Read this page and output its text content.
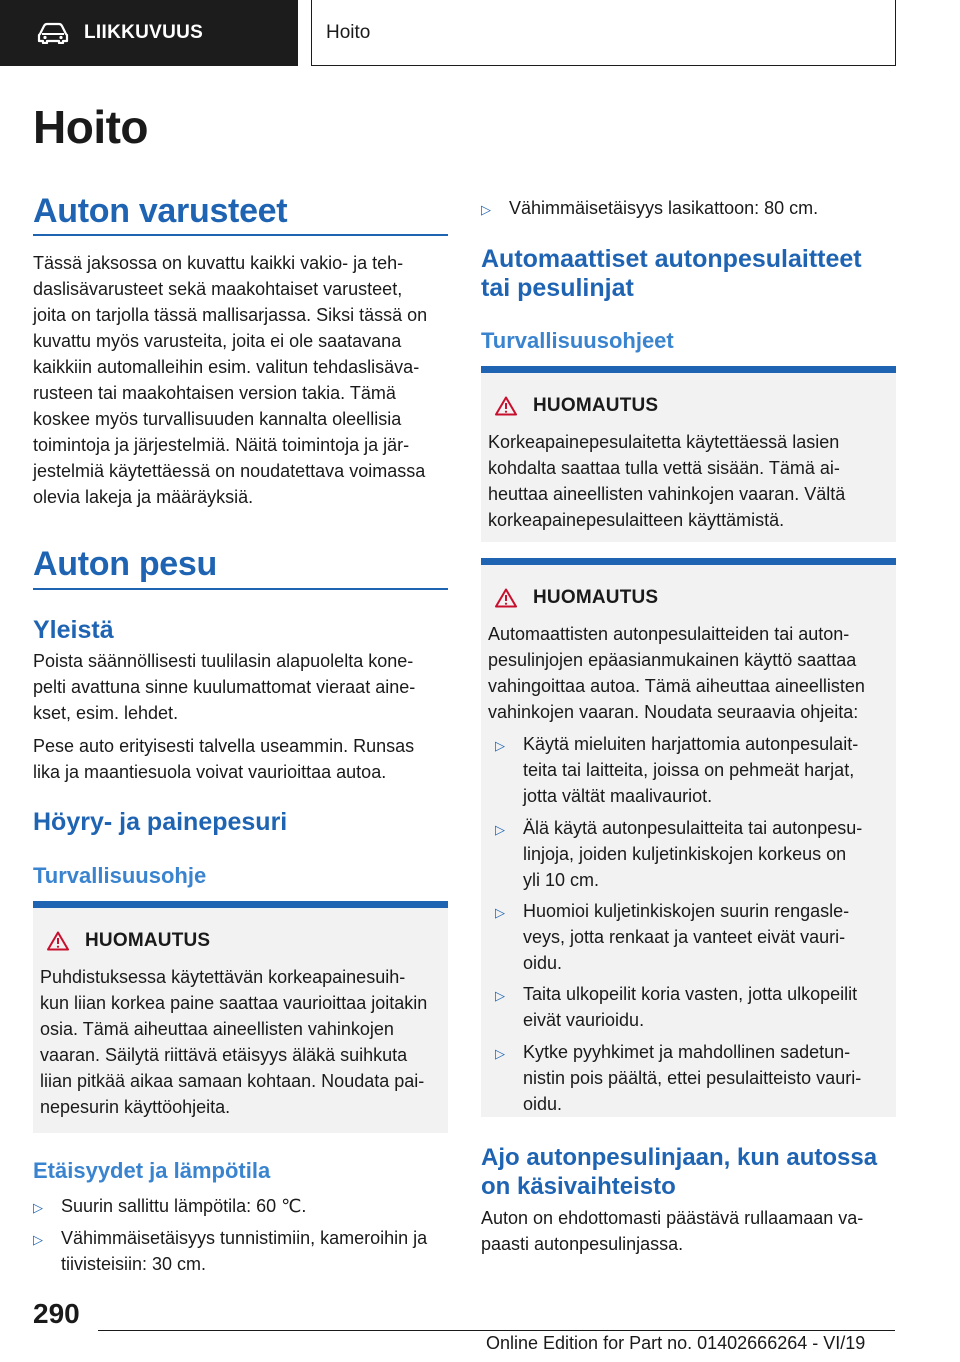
LIIKKUVUUS	Hoito
Hoito
Auton varusteet
Tässä jaksossa on kuvattu kaikki vakio- ja teh-
daslisävarusteet sekä maakohtaiset varusteet,
joita on tarjolla tässä mallisarjassa. Siksi tässä on
kuvattu myös varusteita, joita ei ole saatavana
kaikkiin automalleihin esim. valitun tehdaslisäva-
rusteen tai maakohtaisen version takia. Tämä
koskee myös turvallisuuden kannalta oleellisia
toimintoja ja järjestelmiä. Näitä toimintoja ja jär-
jestelmiä käytettäessä on noudatettava voimassa
olevia lakeja ja määräyksiä.
Auton pesu
Yleistä
Poista säännöllisesti tuulilasin alapuolelta kone-
pelti avattuna sinne kuulumattomat vieraat aine-
kset, esim. lehdet.
Pese auto erityisesti talvella useammin. Runsas
lika ja maantiesuola voivat vaurioittaa autoa.
Höyry- ja painepesuri
Turvallisuusohje
HUOMAUTUS
Puhdistuksessa käytettävän korkeapainesuih-
kun liian korkea paine saattaa vaurioittaa joitakin
osia. Tämä aiheuttaa aineellisten vahinkojen
vaaran. Säilytä riittävä etäisyys äläkä suihkuta
liian pitkää aikaa samaan kohtaan. Noudata pai-
nepesurin käyttöohjeita.
Etäisyydet ja lämpötila
▷	Suurin sallittu lämpötila: 60 ℃.
▷	Vähimmäisetäisyys tunnistimiin, kameroihin ja
tiivisteisiin: 30 cm.
▷	Vähimmäisetäisyys lasikattoon: 80 cm.
Automaattiset autonpesulaitteet
tai pesulinjat
Turvallisuusohjeet
HUOMAUTUS
Korkeapainepesulaitetta käytettäessä lasien
kohdalta saattaa tulla vettä sisään. Tämä ai-
heuttaa aineellisten vahinkojen vaaran. Vältä
korkeapainepesulaitteen käyttämistä.
HUOMAUTUS
Automaattisten autonpesulaitteiden tai auton-
pesulinjojen epäasianmukainen käyttö saattaa
vahingoittaa autoa. Tämä aiheuttaa aineellisten
vahinkojen vaaran. Noudata seuraavia ohjeita:
▷	Käytä mieluiten harjattomia autonpesulait-
teita tai laitteita, joissa on pehmeät harjat,
jotta vältät maalivauriot.
▷	Älä käytä autonpesulaitteita tai autonpesu-
linjoja, joiden kuljetinkiskojen korkeus on
yli 10 cm.
▷	Huomioi kuljetinkiskojen suurin rengasle-
veys, jotta renkaat ja vanteet eivät vauri-
oidu.
▷	Taita ulkopeilit koria vasten, jotta ulkopeilit
eivät vaurioidu.
▷	Kytke pyyhkimet ja mahdollinen sadetun-
nistin pois päältä, ettei pesulaitteisto vauri-
oidu.
Ajo autonpesulinjaan, kun autossa
on käsivaihteisto
Auton on ehdottomasti päästävä rullaamaan va-
paasti autonpesulinjassa.
290
Online Edition for Part no. 01402666264 - VI/19
